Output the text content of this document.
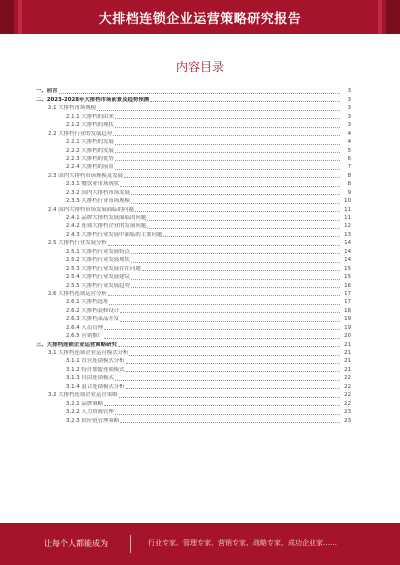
大排档连锁企业运营策略研究报告
内容目录
一、前言	3
二、2023-2028年大排档市场前景及趋势预测	3
2.1 大排档市场规模	3
2.1.1 大排档的由来	3
2.1.2 大排档的现状	3
2.2 大排档行业的发展趋势	4
2.2.1 大排档的发展	4
2.2.2 大排档的发展	5
2.2.3 大排档的优势	6
2.2.4 大排档的前景	7
2.3 国内大排档市场规模及发展	8
2.3.1 餐饮业市场现状	8
2.3.2 国内大排档市场发展	9
2.3.3 大排档行业市场规模	10
2.4 国内大排档市场发展面临的问题	11
2.4.1 品牌大排档发展面临的问题	11
2.4.2 连锁大排档企业的发展问题	12
2.4.3 大排档行业发展中面临的主要问题	13
2.5 大排档行业发展分析	14
2.5.1 大排档行业发展特点	14
2.5.2 大排档行业发展现状	14
2.5.3 大排档行业发展存在问题	15
2.5.4 大排档行业发展建议	15
2.5.5 大排档行业发展趋势	16
2.6 大排档连锁运营分析	17
2.6.1 大排档选址	17
2.6.2 大排档装修设计	18
2.6.3 大排档菜品开发	19
2.6.4 人员管理	19
2.6.5 营销推广	20
三、大排档连锁企业运营策略研究	21
3.1 大排档连锁企业运营模式分析	21
3.1.1 直营连锁模式分析	21
3.1.2 特许加盟连锁模式	21
3.1.3 自由连锁模式	22
3.1.4 混合连锁模式分析	22
3.2 大排档连锁企业运营策略	22
3.2.1 品牌策略	22
3.2.2 人力资源管理	23
3.2.3 供应链管理策略	23
让每个人都能成为	行业专家、管理专家、营销专家、战略专家、成功企业家……
